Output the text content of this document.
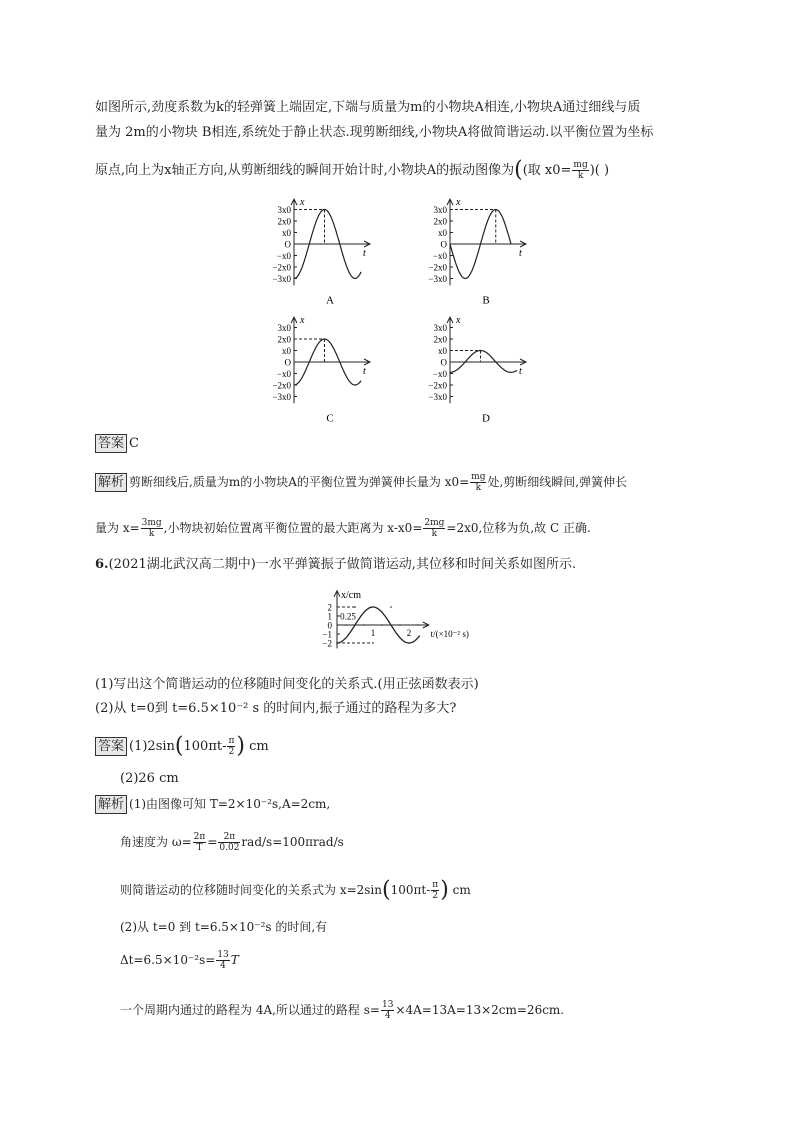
如图所示,劲度系数为k的轻弹簧上端固定,下端与质量为m的小物块A相连,小物块A通过细线与质
量为 2m的小物块 B相连,系统处于静止状态.现剪断细线,小物块A将做简谐运动.以平衡位置为坐标
原点,向上为x轴正方向,从剪断细线的瞬间开始计时,小物块A的振动图像为((取 $x0= \frac{mg}{k}$ )( )
x
t
3x0
2x0
x0
O
−x0
−2x0
−3x0
A
x
t
3x0
2x0
x0
O
−x0
−2x0
−3x0
B
x
t
3x0
2x0
x0
O
−x0
−2x0
−3x0
C
x
t
3x0
2x0
x0
O
−x0
−2x0
−3x0
D
答案 C
解析 剪断细线后,质量为m的小物块A的平衡位置为弹簧伸长量为 $x0= \frac{mg}{k}$ 处,剪断细线瞬间,弹簧伸长
量为 $x= \frac{3mg}{k}$ ,小物块初始位置离平衡位置的最大距离为 $x-x0= \frac{2mg}{k} =2x0$,位移为负,故 C 正确.
6.(2021湖北武汉高二期中)一水平弹簧振子做简谐运动,其位移和时间关系如图所示.
x/cm
t/(×10⁻² s)
2
1
0
−1
−2
0.25
1	2
(1)写出这个简谐运动的位移随时间变化的关系式.(用正弦函数表示)
(2)从 t=0到 t=6.5×10⁻² s 的时间内,振子通过的路程为多大?
答案 $(1)2\sin(100\pi t- \frac{\pi}{2}$ ) cm
(2)26 cm
解析 (1)由图像可知 T=2×10⁻²s,A=2cm,
角速度为 $\omega= \frac{2\pi}{T} = \frac{2\pi}{0.02} rad/s=100\pi rad/s$
则简谐运动的位移随时间变化的关系式为 $x=2\sin(100\pi t- \frac{\pi}{2}$ ) cm
(2)从 t=0 到 t=6.5×10⁻²s 的时间,有
$\Delta t=6.5\times 10^{-2}s= \frac{13}{4}$ T
一个周期内通过的路程为 4A,所以通过的路程 $s= \frac{13}{4} \times 4A=13A=13\times 2cm=26cm$.
